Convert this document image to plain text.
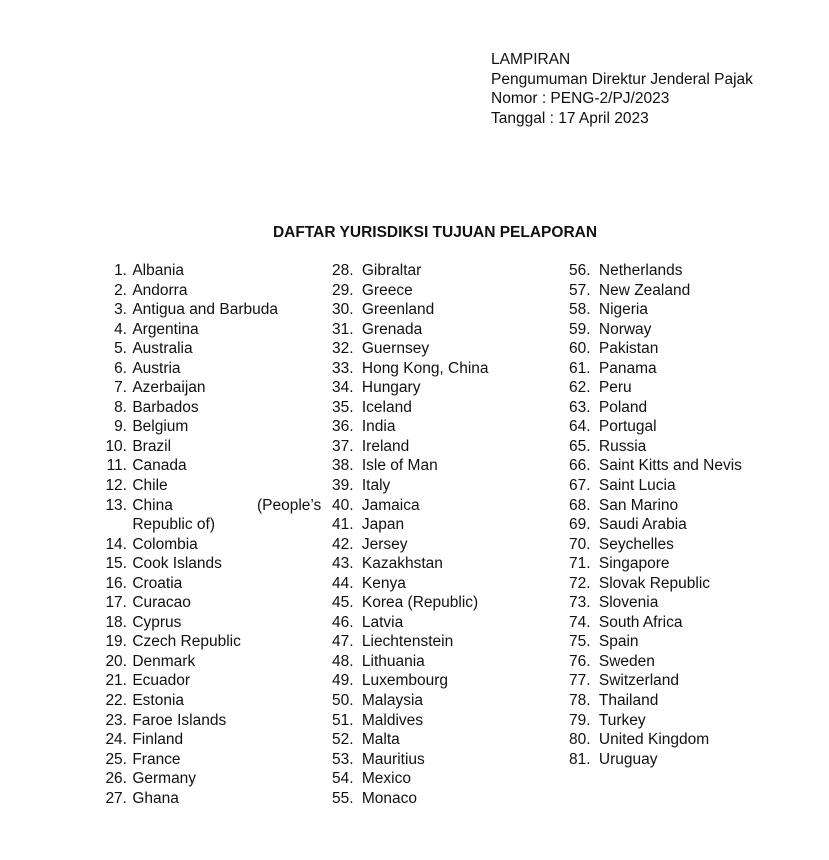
LAMPIRAN
Pengumuman Direktur Jenderal Pajak
Nomor : PENG-2/PJ/2023
Tanggal : 17 April 2023
DAFTAR YURISDIKSI TUJUAN PELAPORAN
1.
Albania
2.
Andorra
3.
Antigua and Barbuda
4.
Argentina
5.
Australia
6.
Austria
7.
Azerbaijan
8.
Barbados
9.
Belgium
10.
Brazil
11.
Canada
12.
Chile
13.
China (People’s

Republic of)
14.
Colombia
15.
Cook Islands
16.
Croatia
17.
Curacao
18.
Cyprus
19.
Czech Republic
20.
Denmark
21.
Ecuador
22.
Estonia
23.
Faroe Islands
24.
Finland
25.
France
26.
Germany
27.
Ghana
28.
Gibraltar
29.
Greece
30.
Greenland
31.
Grenada
32.
Guernsey
33.
Hong Kong, China
34.
Hungary
35.
Iceland
36.
India
37.
Ireland
38.
Isle of Man
39.
Italy
40.
Jamaica
41.
Japan
42.
Jersey
43.
Kazakhstan
44.
Kenya
45.
Korea (Republic)
46.
Latvia
47.
Liechtenstein
48.
Lithuania
49.
Luxembourg
50.
Malaysia
51.
Maldives
52.
Malta
53.
Mauritius
54.
Mexico
55.
Monaco
56.
Netherlands
57.
New Zealand
58.
Nigeria
59.
Norway
60.
Pakistan
61.
Panama
62.
Peru
63.
Poland
64.
Portugal
65.
Russia
66.
Saint Kitts and Nevis
67.
Saint Lucia
68.
San Marino
69.
Saudi Arabia
70.
Seychelles
71.
Singapore
72.
Slovak Republic
73.
Slovenia
74.
South Africa
75.
Spain
76.
Sweden
77.
Switzerland
78.
Thailand
79.
Turkey
80.
United Kingdom
81.
Uruguay
